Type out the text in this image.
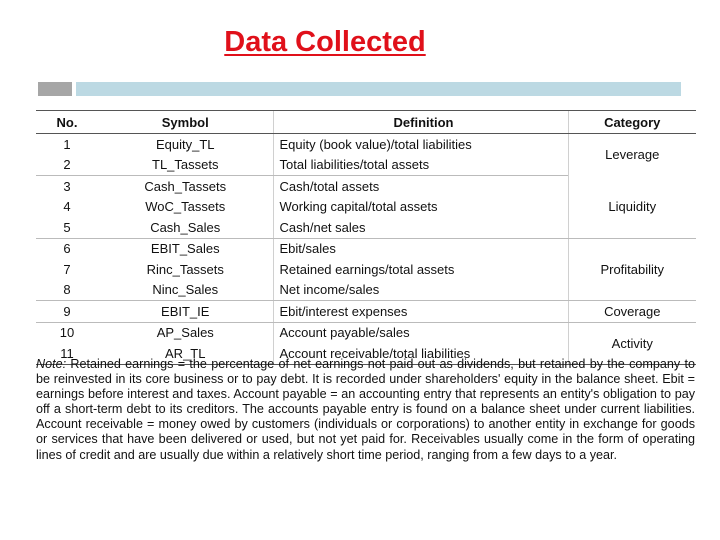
Data Collected
No.	Symbol	Definition	Category
1	Equity_TL	Equity (book value)/total liabilities	Leverage
2	TL_Tassets	Total liabilities/total assets	
3	Cash_Tassets	Cash/total assets	Liquidity
4	WoC_Tassets	Working capital/total assets	
5	Cash_Sales	Cash/net sales	
6	EBIT_Sales	Ebit/sales	Profitability
7	Rinc_Tassets	Retained earnings/total assets	
8	Ninc_Sales	Net income/sales	
9	EBIT_IE	Ebit/interest expenses	Coverage
10	AP_Sales	Account payable/sales	Activity
11	AR_TL	Account receivable/total liabilities	
Note: Retained earnings = the percentage of net earnings not paid out as dividends, but retained by the company to be reinvested in its core business or to pay debt. It is recorded under shareholders' equity in the balance sheet. Ebit = earnings before interest and taxes. Account payable = an accounting entry that represents an entity's obligation to pay off a short-term debt to its creditors. The accounts payable entry is found on a balance sheet under current liabilities. Account receivable = money owed by customers (individuals or corporations) to another entity in exchange for goods or services that have been delivered or used, but not yet paid for. Receivables usually come in the form of operating lines of credit and are usually due within a relatively short time period, ranging from a few days to a year.
